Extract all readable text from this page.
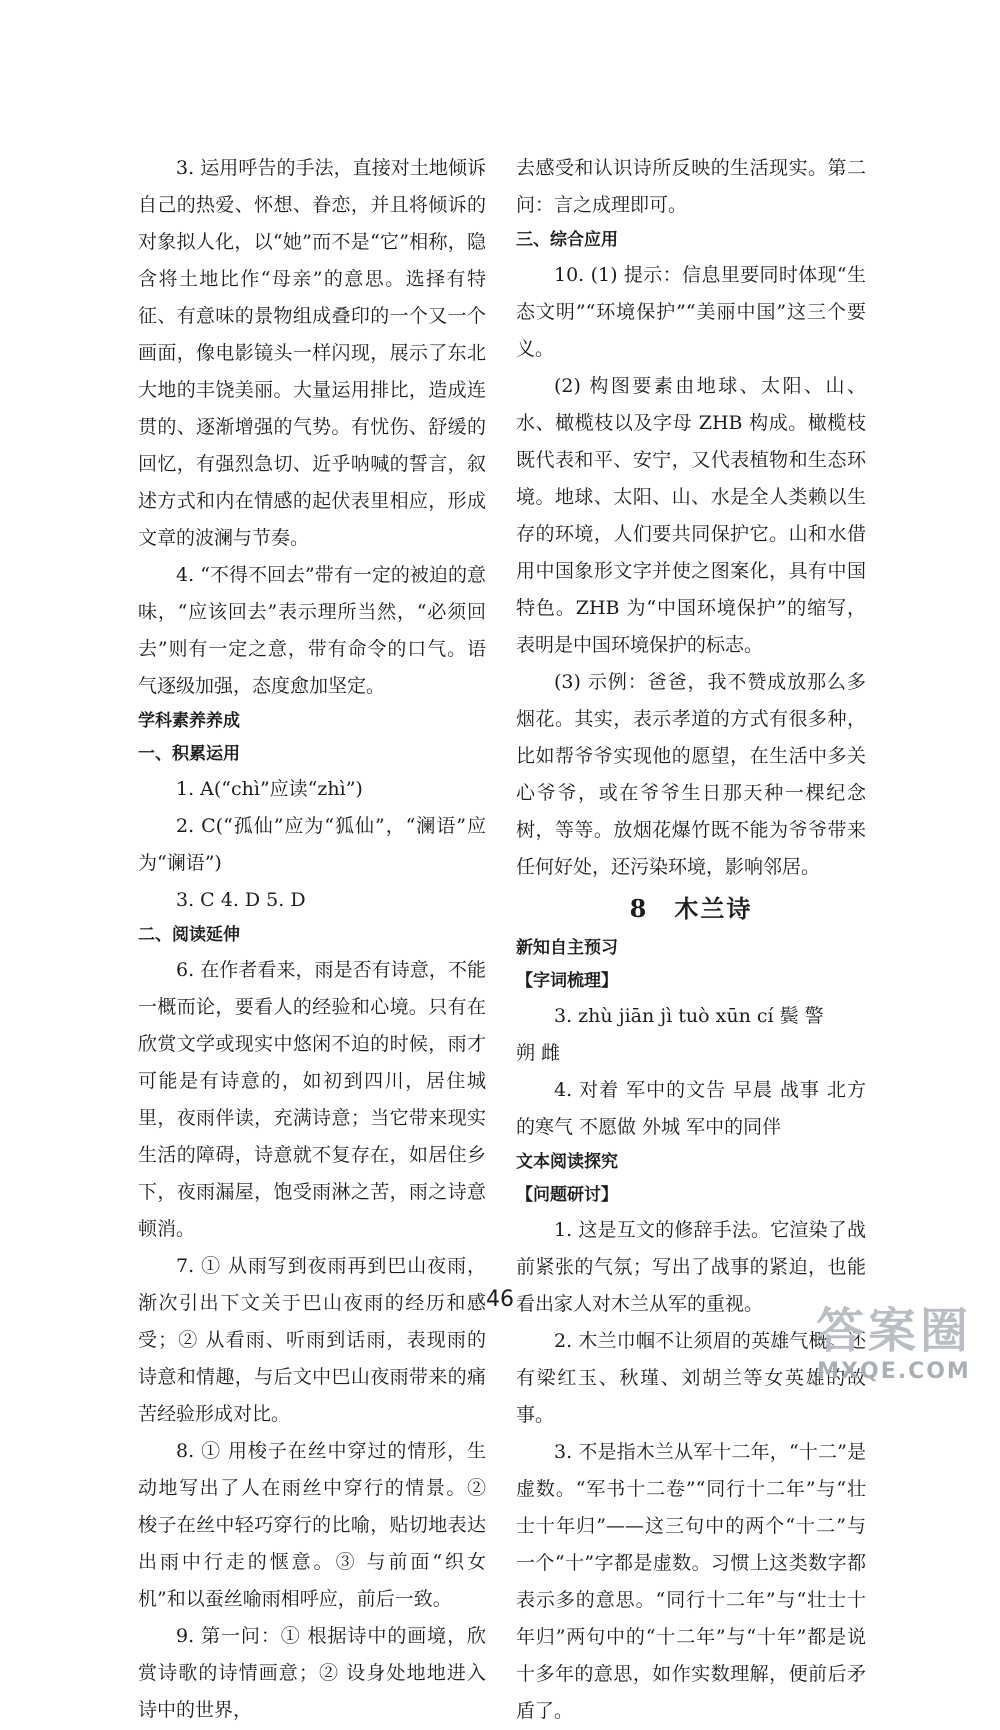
3. 运用呼告的手法，直接对土地倾诉自己的热爱、怀想、眷恋，并且将倾诉的对象拟人化，以“她”而不是“它”相称，隐含将土地比作“母亲”的意思。选择有特征、有意味的景物组成叠印的一个又一个画面，像电影镜头一样闪现，展示了东北大地的丰饶美丽。大量运用排比，造成连贯的、逐渐增强的气势。有忧伤、舒缓的回忆，有强烈急切、近乎呐喊的誓言，叙述方式和内在情感的起伏表里相应，形成文章的波澜与节奏。
4. “不得不回去”带有一定的被迫的意味，“应该回去”表示理所当然，“必须回去”则有一定之意，带有命令的口气。语气逐级加强，态度愈加坚定。
学科素养养成
一、积累运用
1. A(“chì”应读“zhì”)
2. C(“孤仙”应为“狐仙”，“澜语”应为“谰语”)
3. C 4. D 5. D
二、阅读延伸
6. 在作者看来，雨是否有诗意，不能一概而论，要看人的经验和心境。只有在欣赏文学或现实中悠闲不迫的时候，雨才可能是有诗意的，如初到四川，居住城里，夜雨伴读，充满诗意；当它带来现实生活的障碍，诗意就不复存在，如居住乡下，夜雨漏屋，饱受雨淋之苦，雨之诗意顿消。
7. ① 从雨写到夜雨再到巴山夜雨，渐次引出下文关于巴山夜雨的经历和感受；② 从看雨、听雨到话雨，表现雨的诗意和情趣，与后文中巴山夜雨带来的痛苦经验形成对比。
8. ① 用梭子在丝中穿过的情形，生动地写出了人在雨丝中穿行的情景。② 梭子在丝中轻巧穿行的比喻，贴切地表达出雨中行走的惬意。③ 与前面“织女机”和以蚕丝喻雨相呼应，前后一致。
9. 第一问：① 根据诗中的画境，欣赏诗歌的诗情画意；② 设身处地地进入诗中的世界，
去感受和认识诗所反映的生活现实。第二问：言之成理即可。
三、综合应用
10. (1) 提示：信息里要同时体现“生态文明”“环境保护”“美丽中国”这三个要义。
(2) 构图要素由地球、太阳、山、水、橄榄枝以及字母 ZHB 构成。橄榄枝既代表和平、安宁，又代表植物和生态环境。地球、太阳、山、水是全人类赖以生存的环境，人们要共同保护它。山和水借用中国象形文字并使之图案化，具有中国特色。ZHB 为“中国环境保护”的缩写，表明是中国环境保护的标志。
(3) 示例：爸爸，我不赞成放那么多烟花。其实，表示孝道的方式有很多种，比如帮爷爷实现他的愿望，在生活中多关心爷爷，或在爷爷生日那天种一棵纪念树，等等。放烟花爆竹既不能为爷爷带来任何好处，还污染环境，影响邻居。
8　木兰诗
新知自主预习
【字词梳理】
3. zhù jiān jì tuò xūn cí 鬓 警
朔 雌
4. 对着 军中的文告 早晨 战事 北方的寒气 不愿做 外城 军中的同伴
文本阅读探究
【问题研讨】
1. 这是互文的修辞手法。它渲染了战前紧张的气氛；写出了战事的紧迫，也能看出家人对木兰从军的重视。
2. 木兰巾帼不让须眉的英雄气概。还有梁红玉、秋瑾、刘胡兰等女英雄的故事。
3. 不是指木兰从军十二年，“十二”是虚数。“军书十二卷”“同行十二年”与“壮士十年归”——这三句中的两个“十二”与一个“十”字都是虚数。习惯上这类数字都表示多的意思。“同行十二年”与“壮士十年归”两句中的“十二年”与“十年”都是说十多年的意思，如作实数理解，便前后矛盾了。
46
答案圈
MXQE.COM
